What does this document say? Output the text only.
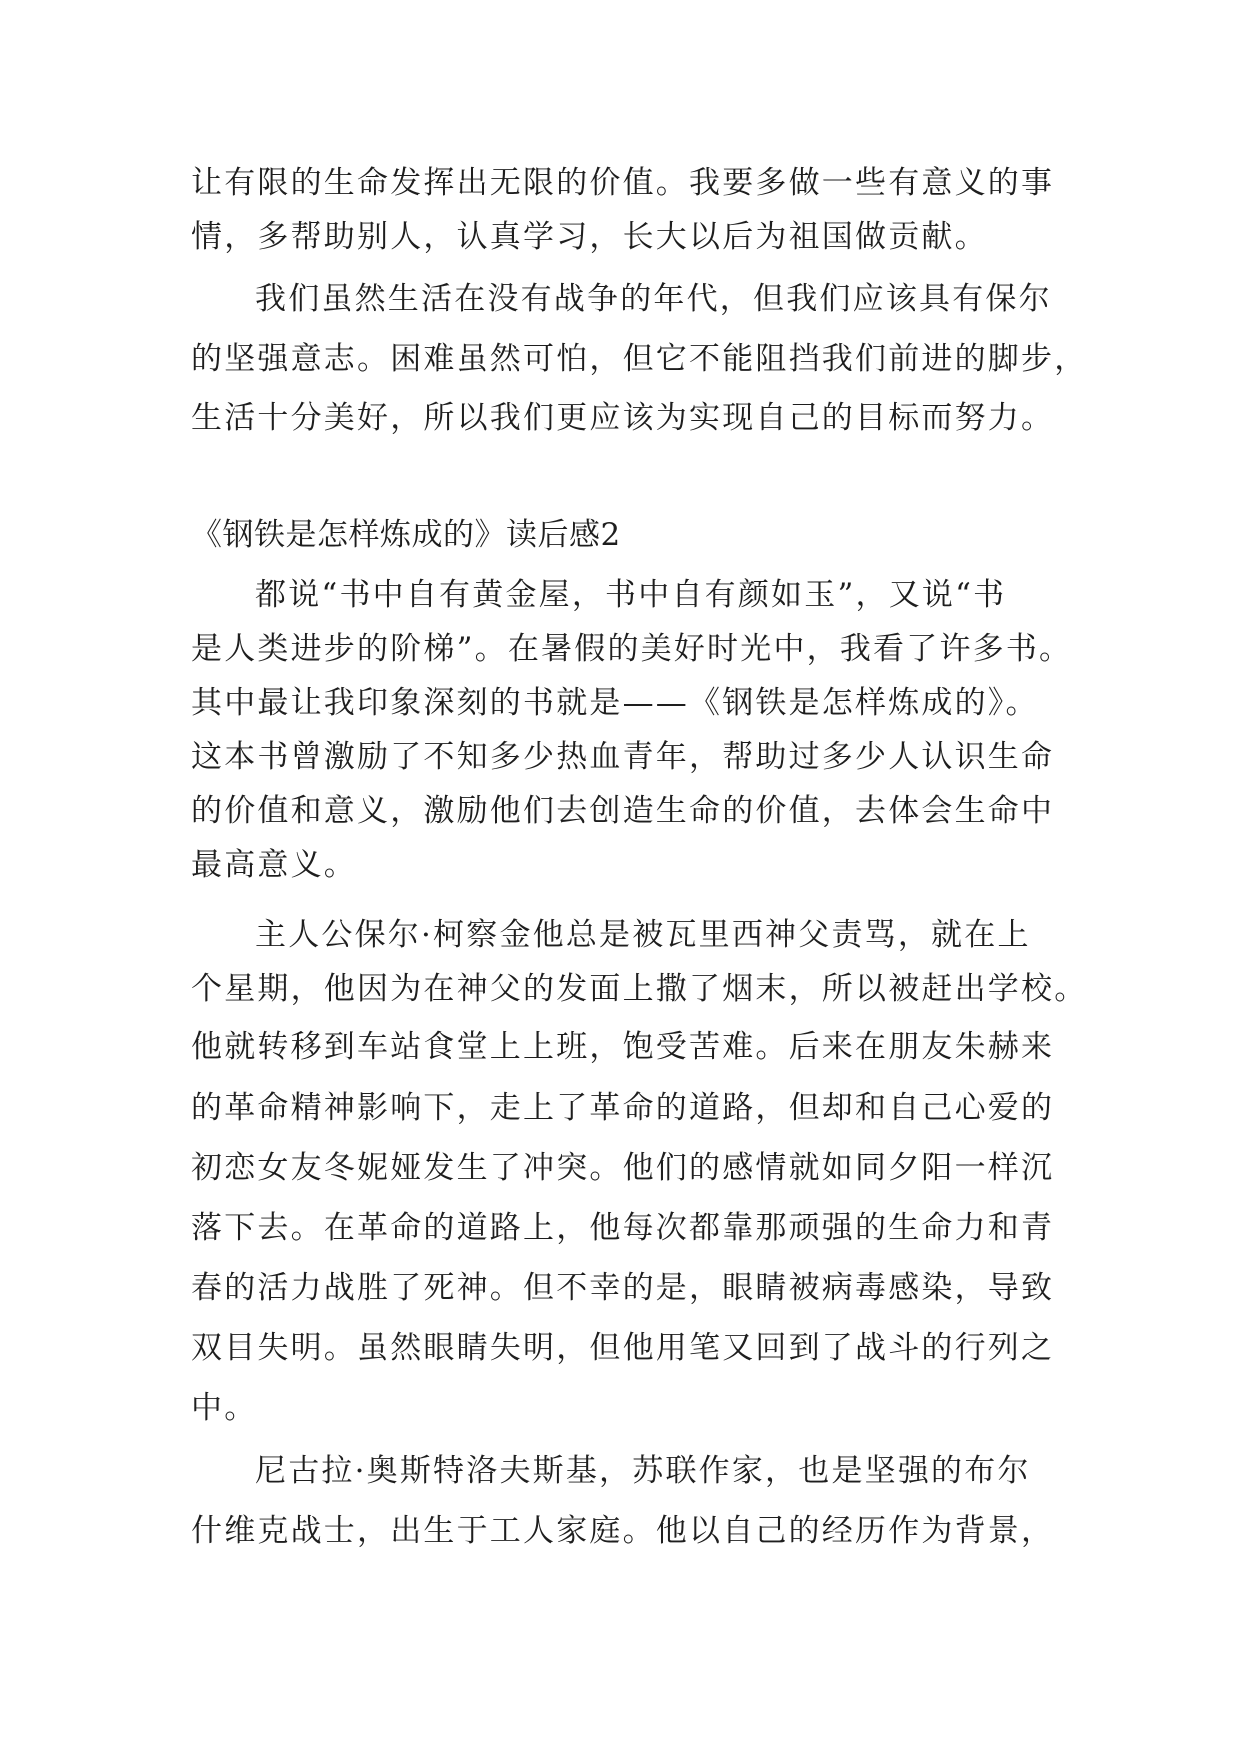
让有限的生命发挥出无限的价值。我要多做一些有意义的事
情，多帮助别人，认真学习，长大以后为祖国做贡献。
我们虽然生活在没有战争的年代，但我们应该具有保尔
的坚强意志。困难虽然可怕，但它不能阻挡我们前进的脚步，
生活十分美好，所以我们更应该为实现自己的目标而努力。
《钢铁是怎样炼成的》读后感2
都说“书中自有黄金屋，书中自有颜如玉”，又说“书
是人类进步的阶梯”。在暑假的美好时光中，我看了许多书。
其中最让我印象深刻的书就是——《钢铁是怎样炼成的》。
这本书曾激励了不知多少热血青年，帮助过多少人认识生命
的价值和意义，激励他们去创造生命的价值，去体会生命中
最高意义。
主人公保尔·柯察金他总是被瓦里西神父责骂，就在上
个星期，他因为在神父的发面上撒了烟末，所以被赶出学校。
他就转移到车站食堂上上班，饱受苦难。后来在朋友朱赫来
的革命精神影响下，走上了革命的道路，但却和自己心爱的
初恋女友冬妮娅发生了冲突。他们的感情就如同夕阳一样沉
落下去。在革命的道路上，他每次都靠那顽强的生命力和青
春的活力战胜了死神。但不幸的是，眼睛被病毒感染，导致
双目失明。虽然眼睛失明，但他用笔又回到了战斗的行列之
中。
尼古拉·奥斯特洛夫斯基，苏联作家，也是坚强的布尔
什维克战士，出生于工人家庭。他以自己的经历作为背景，
